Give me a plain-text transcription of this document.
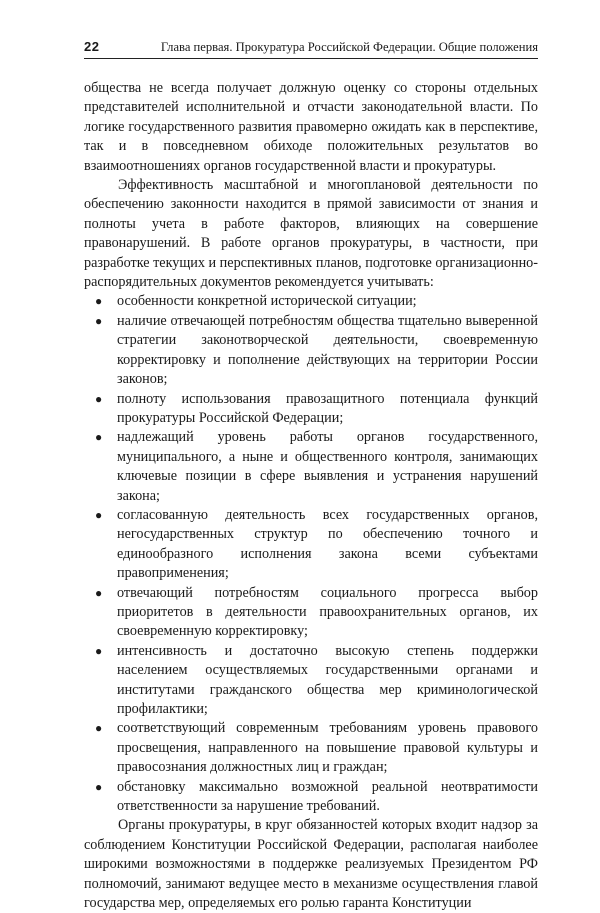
22	Глава первая. Прокуратура Российской Федерации. Общие положения

общества не всегда получает должную оценку со стороны отдельных представителей исполнительной и отчасти законодательной власти. По логике государственного развития правомерно ожидать как в перспективе, так и в повседневном обиходе положительных результатов во взаимоотношениях органов государственной власти и прокуратуры.

Эффективность масштабной и многоплановой деятельности по обеспечению законности находится в прямой зависимости от знания и полноты учета в работе факторов, влияющих на совершение правонарушений. В работе органов прокуратуры, в частности, при разработке текущих и перспективных планов, подготовке организационно-распорядительных документов рекомендуется учитывать:

● особенности конкретной исторической ситуации;
● наличие отвечающей потребностям общества тщательно выверенной стратегии законотворческой деятельности, своевременную корректировку и пополнение действующих на территории России законов;
● полноту использования правозащитного потенциала функций прокуратуры Российской Федерации;
● надлежащий уровень работы органов государственного, муниципального, а ныне и общественного контроля, занимающих ключевые позиции в сфере выявления и устранения нарушений закона;
● согласованную деятельность всех государственных органов, негосударственных структур по обеспечению точного и единообразного исполнения закона всеми субъектами правоприменения;
● отвечающий потребностям социального прогресса выбор приоритетов в деятельности правоохранительных органов, их своевременную корректировку;
● интенсивность и достаточно высокую степень поддержки населением осуществляемых государственными органами и институтами гражданского общества мер криминологической профилактики;
● соответствующий современным требованиям уровень правового просвещения, направленного на повышение правовой культуры и правосознания должностных лиц и граждан;
● обстановку максимально возможной реальной неотвратимости ответственности за нарушение требований.

Органы прокуратуры, в круг обязанностей которых входит надзор за соблюдением Конституции Российской Федерации, располагая наиболее широкими возможностями в поддержке реализуемых Президентом РФ полномочий, занимают ведущее место в механизме осуществления главой государства мер, определяемых его ролью гаранта Конституции
